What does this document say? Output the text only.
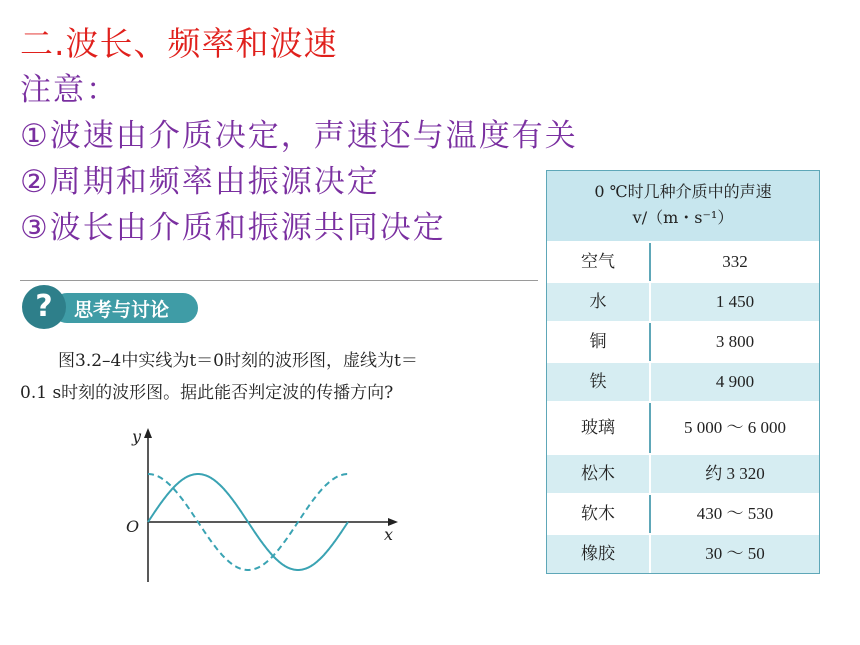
二.波长、频率和波速
注意：
①波速由介质决定，声速还与温度有关
②周期和频率由振源决定
③波长由介质和振源共同决定
?	思考与讨论
图3.2–4中实线为t＝0时刻的波形图，虚线为t＝
0.1 s时刻的波形图。据此能否判定波的传播方向?
y
x
O
0 ℃时几种介质中的声速
v/（m・s⁻¹）
空气	332
水	1 450
铜	3 800
铁	4 900
玻璃	5 000 ～ 6 000
松木	约 3 320
软木	430 ～ 530
橡胶	30 ～ 50
